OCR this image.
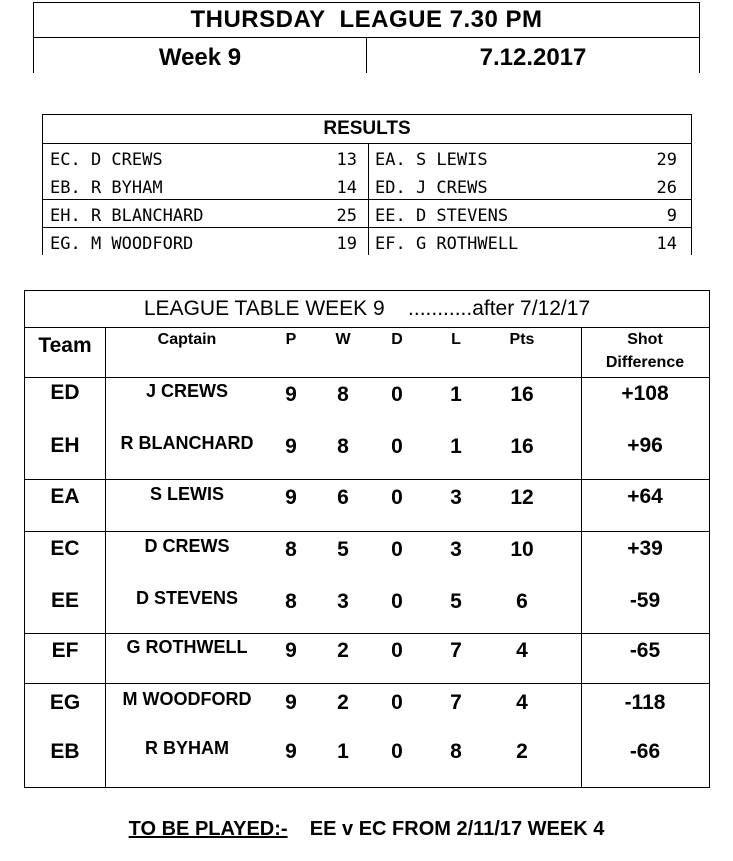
THURSDAY  LEAGUE 7.30 PM
Week 9	7.12.2017
RESULTS
EC. D CREWS	13 EA. S LEWIS	29
EB. R BYHAM	14 ED. J CREWS	26
EH. R BLANCHARD	25 EE. D STEVENS	9
EG. M WOODFORD	19 EF. G ROTHWELL	14
LEAGUE TABLE WEEK 9    ...........after 7/12/17
Team	Captain	P	W	D	L	Pts	Shot
Difference
ED	J CREWS	9	8	0	1	16	+108
EH	R BLANCHARD	9	8	0	1	16	+96
EA	S LEWIS	9	6	0	3	12	+64
EC	D CREWS	8	5	0	3	10	+39
EE	D STEVENS	8	3	0	5	6	-59
EF	G ROTHWELL	9	2	0	7	4	-65
EG	M WOODFORD	9	2	0	7	4	-118
EB	R BYHAM	9	1	0	8	2	-66
TO BE PLAYED:-    EE v EC FROM 2/11/17 WEEK 4
